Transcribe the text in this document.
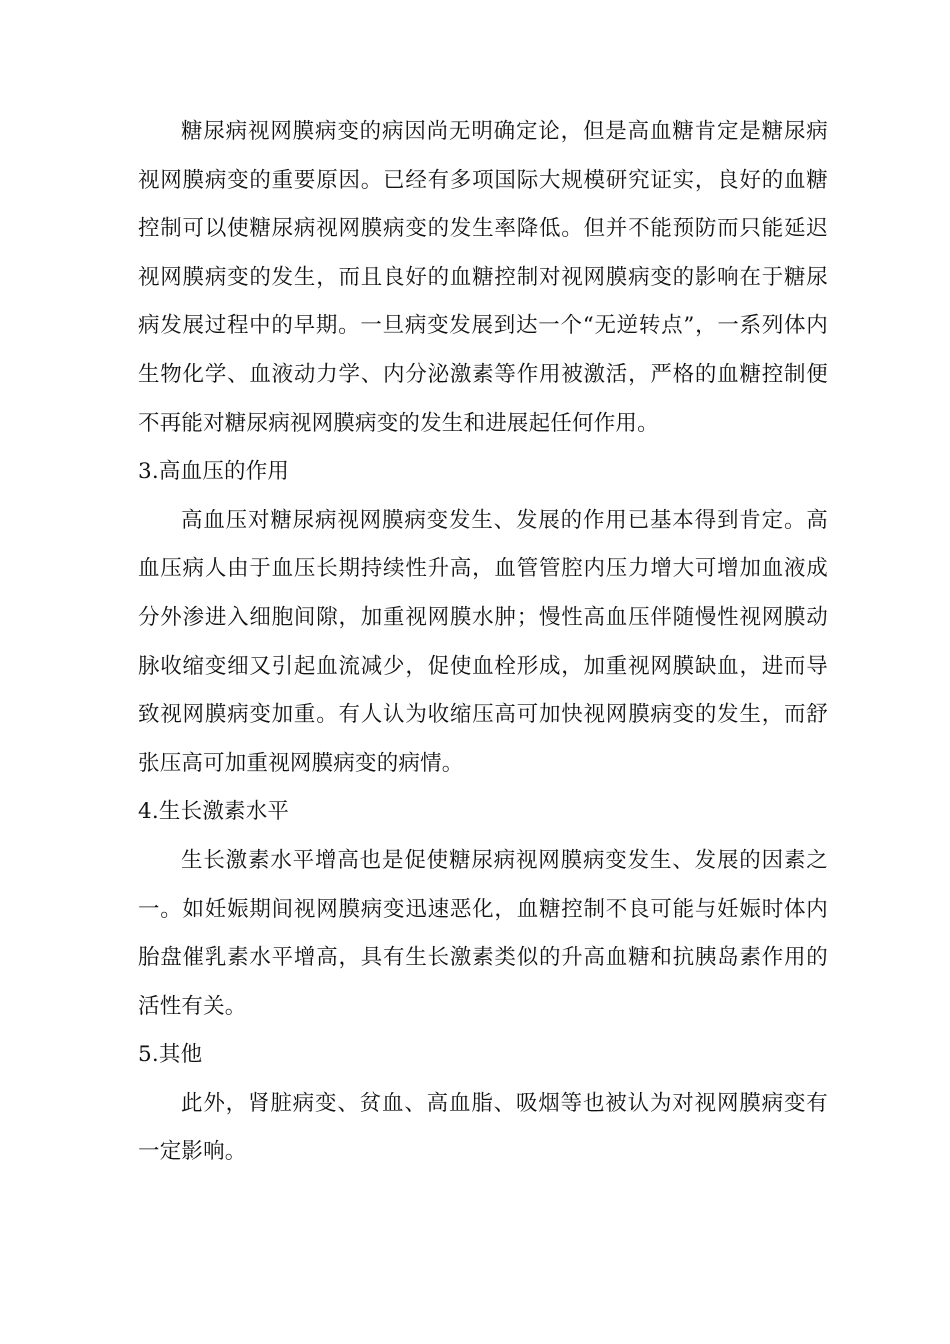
糖尿病视网膜病变的病因尚无明确定论，但是高血糖肯定是糖尿病视网膜病变的重要原因。已经有多项国际大规模研究证实，良好的血糖控制可以使糖尿病视网膜病变的发生率降低。但并不能预防而只能延迟视网膜病变的发生，而且良好的血糖控制对视网膜病变的影响在于糖尿病发展过程中的早期。一旦病变发展到达一个“无逆转点”，一系列体内生物化学、血液动力学、内分泌激素等作用被激活，严格的血糖控制便不再能对糖尿病视网膜病变的发生和进展起任何作用。

3.高血压的作用

高血压对糖尿病视网膜病变发生、发展的作用已基本得到肯定。高血压病人由于血压长期持续性升高，血管管腔内压力增大可增加血液成分外渗进入细胞间隙，加重视网膜水肿；慢性高血压伴随慢性视网膜动脉收缩变细又引起血流减少，促使血栓形成，加重视网膜缺血，进而导致视网膜病变加重。有人认为收缩压高可加快视网膜病变的发生，而舒张压高可加重视网膜病变的病情。

4.生长激素水平

生长激素水平增高也是促使糖尿病视网膜病变发生、发展的因素之一。如妊娠期间视网膜病变迅速恶化，血糖控制不良可能与妊娠时体内胎盘催乳素水平增高，具有生长激素类似的升高血糖和抗胰岛素作用的活性有关。

5.其他

此外，肾脏病变、贫血、高血脂、吸烟等也被认为对视网膜病变有一定影响。
